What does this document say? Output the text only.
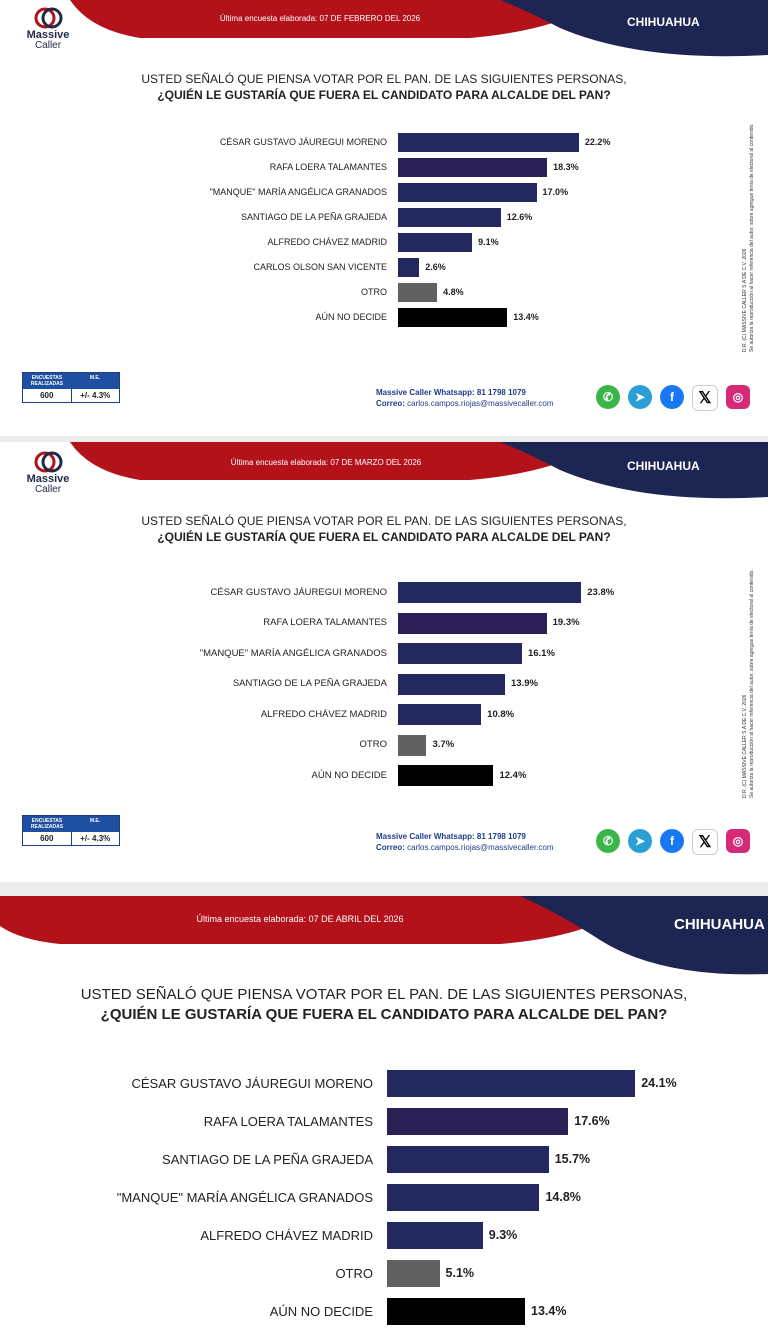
Última encuesta elaborada: 07 DE FEBRERO DEL 2026	CHIHUAHUA
Massive
Caller
USTED SEÑALÓ QUE PIENSA VOTAR POR EL PAN. DE LAS SIGUIENTES PERSONAS,
¿QUIÉN LE GUSTARÍA QUE FUERA EL CANDIDATO PARA ALCALDE DEL PAN?
CÉSAR GUSTAVO JÁUREGUI MORENO	22.2%
RAFA LOERA TALAMANTES	18.3%
"MANQUE" MARÍA ANGÉLICA GRANADOS	17.0%
SANTIAGO DE LA PEÑA GRAJEDA	12.6%
ALFREDO CHÁVEZ MADRID	9.1%
CARLOS OLSON SAN VICENTE	2.6%
OTRO	4.8%
AÚN NO DECIDE	13.4%	D.R. (C) MASSIVE CALLER S.A DE C.V. 2026
Se autoriza la reproducción al hacer referencia del autor, sobre agregue tenía de electoral al contenido.
ENCUESTAS REALIZADAS
M.E.
600	+/- 4.3%	Massive Caller Whatsapp: 81 1798 1079
Correo: carlos.campos.riojas@massivecaller.com	✆	➤	f	𝕏	◎
Última encuesta elaborada: 07 DE MARZO DEL 2026	CHIHUAHUA
Massive
Caller
USTED SEÑALÓ QUE PIENSA VOTAR POR EL PAN. DE LAS SIGUIENTES PERSONAS,
¿QUIÉN LE GUSTARÍA QUE FUERA EL CANDIDATO PARA ALCALDE DEL PAN?
CÉSAR GUSTAVO JÁUREGUI MORENO	23.8%
RAFA LOERA TALAMANTES	19.3%
"MANQUE" MARÍA ANGÉLICA GRANADOS	16.1%
SANTIAGO DE LA PEÑA GRAJEDA	13.9%
ALFREDO CHÁVEZ MADRID	10.8%
OTRO	3.7%
AÚN NO DECIDE	12.4%	D.R. (C) MASSIVE CALLER S.A DE C.V. 2026
Se autoriza la reproducción al hacer referencia del autor, sobre agregue tenía de electoral al contenido.
ENCUESTAS REALIZADAS
M.E.
600	+/- 4.3%	Massive Caller Whatsapp: 81 1798 1079
Correo: carlos.campos.riojas@massivecaller.com	✆	➤	f	𝕏	◎
Última encuesta elaborada: 07 DE ABRIL DEL 2026	CHIHUAHUA
USTED SEÑALÓ QUE PIENSA VOTAR POR EL PAN. DE LAS SIGUIENTES PERSONAS,
¿QUIÉN LE GUSTARÍA QUE FUERA EL CANDIDATO PARA ALCALDE DEL PAN?
CÉSAR GUSTAVO JÁUREGUI MORENO	24.1%
RAFA LOERA TALAMANTES	17.6%
SANTIAGO DE LA PEÑA GRAJEDA	15.7%
"MANQUE" MARÍA ANGÉLICA GRANADOS	14.8%
ALFREDO CHÁVEZ MADRID	9.3%
OTRO	5.1%
AÚN NO DECIDE	13.4%
